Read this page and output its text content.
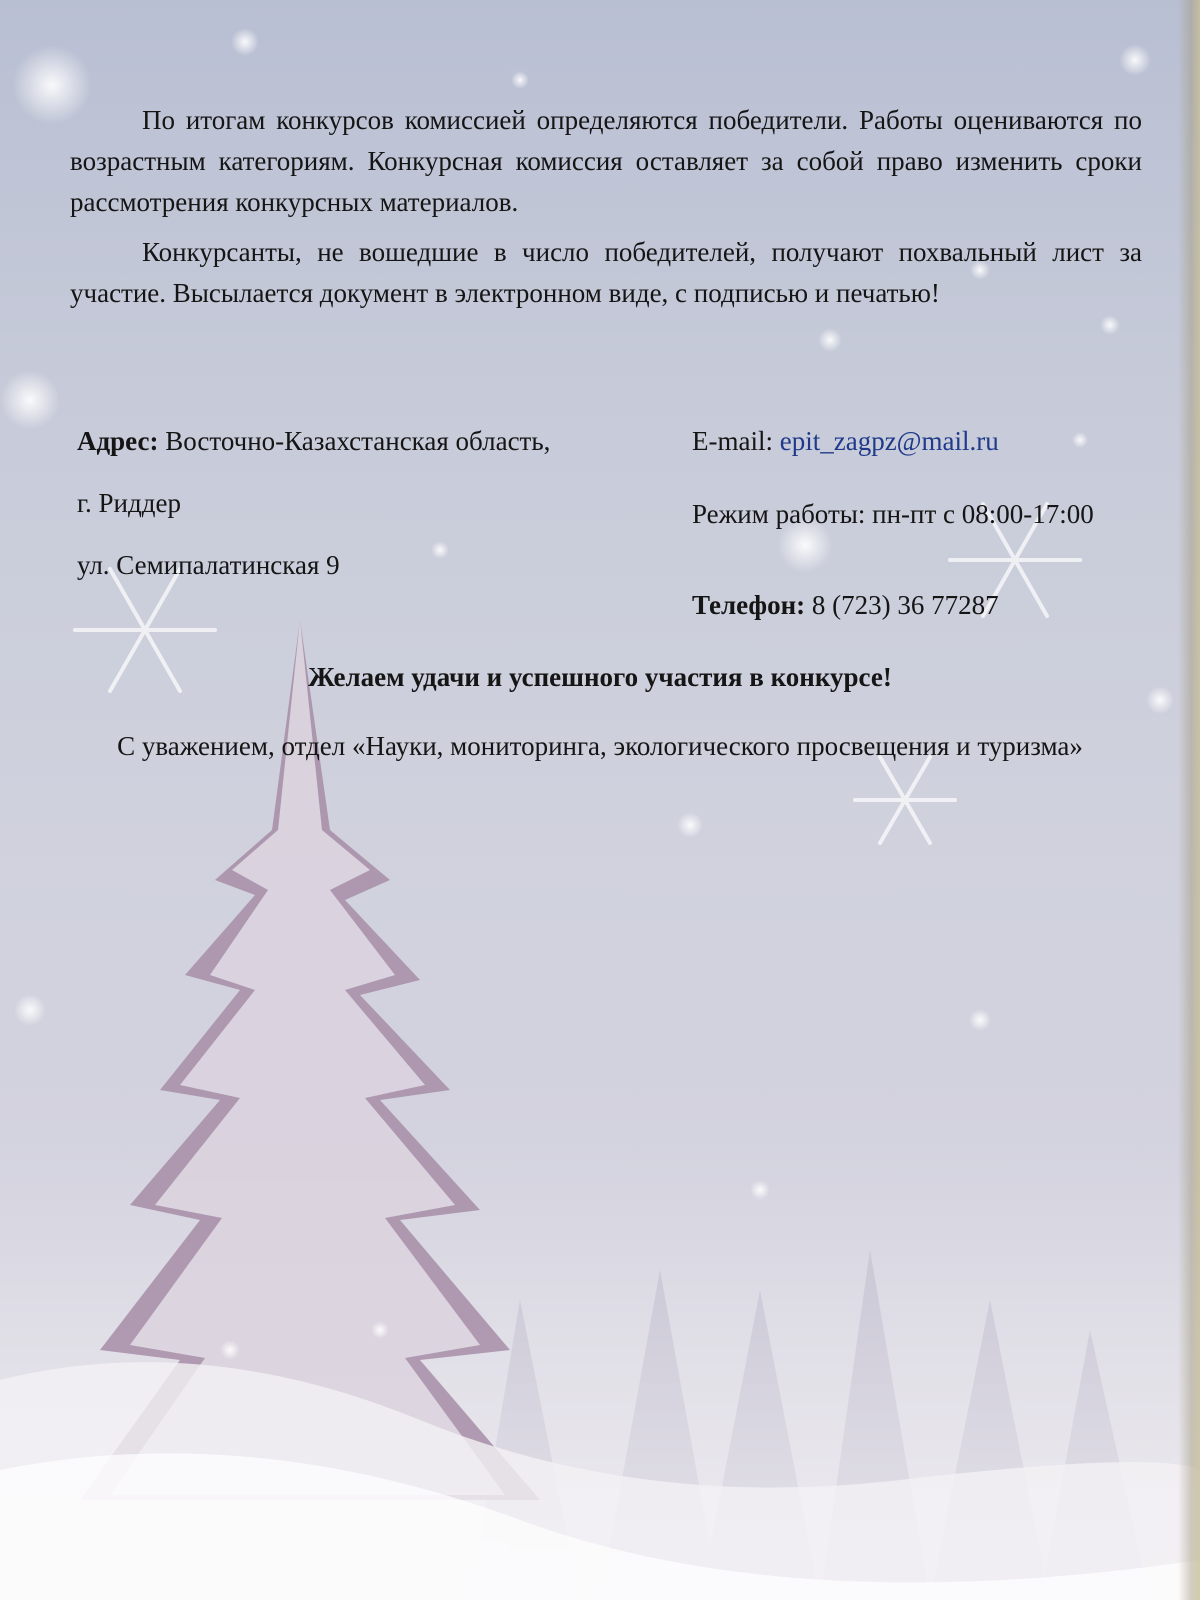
По итогам конкурсов комиссией определяются победители. Работы оцениваются по возрастным категориям. Конкурсная комиссия оставляет за собой право изменить сроки рассмотрения конкурсных материалов.

Конкурсанты, не вошедшие в число победителей, получают похвальный лист за участие. Высылается документ в электронном виде, с подписью и печатью!

Адрес: Восточно-Казахстанская область,
г. Риддер
ул. Семипалатинская 9
E-mail: epit_zagpz@mail.ru
Режим работы: пн-пт с 08:00-17:00
Телефон: 8 (723) 36 77287
Желаем удачи и успешного участия в конкурсе!
С уважением, отдел «Науки, мониторинга, экологического просвещения и туризма»
